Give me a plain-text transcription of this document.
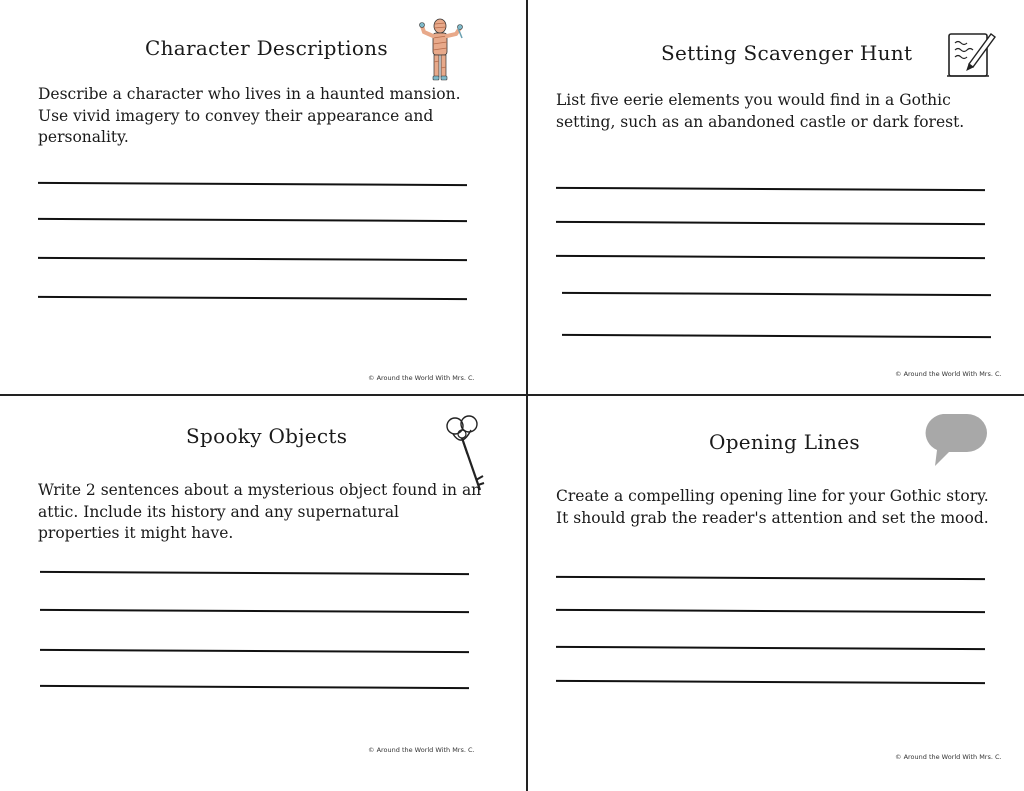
Character Descriptions

Describe a character who lives in a haunted mansion. Use vivid imagery to convey their appearance and personality.

© Around the World With Mrs. C.
Setting Scavenger Hunt

List five eerie elements you would find in a Gothic setting, such as an abandoned castle or dark forest.

© Around the World With Mrs. C.
Spooky Objects

Write 2 sentences about a mysterious object found in an attic. Include its history and any supernatural properties it might have.

© Around the World With Mrs. C.
Opening Lines

Create a compelling opening line for your Gothic story. It should grab the reader's attention and set the mood.

© Around the World With Mrs. C.
